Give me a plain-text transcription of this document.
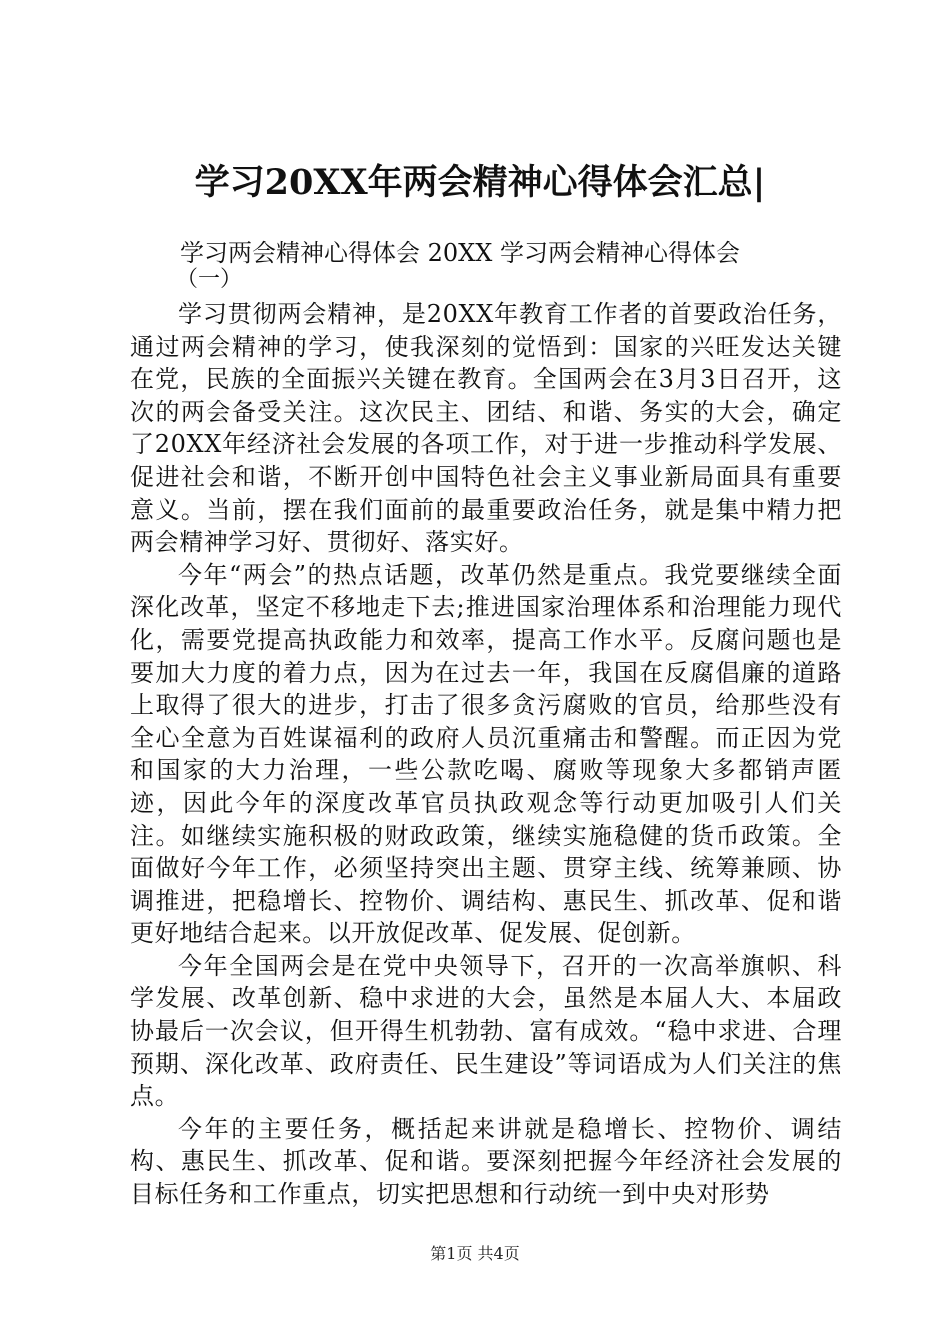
学习20XX年两会精神心得体会汇总|
学习两会精神心得体会 20XX 学习两会精神心得体会
（一）

学习贯彻两会精神，是20XX年教育工作者的首要政治任务，通过两会精神的学习，使我深刻的觉悟到：国家的兴旺发达关键在党，民族的全面振兴关键在教育。全国两会在3月3日召开，这次的两会备受关注。这次民主、团结、和谐、务实的大会，确定了20XX年经济社会发展的各项工作，对于进一步推动科学发展、促进社会和谐，不断开创中国特色社会主义事业新局面具有重要意义。当前，摆在我们面前的最重要政治任务，就是集中精力把两会精神学习好、贯彻好、落实好。

今年“两会”的热点话题，改革仍然是重点。我党要继续全面深化改革，坚定不移地走下去;推进国家治理体系和治理能力现代化，需要党提高执政能力和效率，提高工作水平。反腐问题也是要加大力度的着力点，因为在过去一年，我国在反腐倡廉的道路上取得了很大的进步，打击了很多贪污腐败的官员，给那些没有全心全意为百姓谋福利的政府人员沉重痛击和警醒。而正因为党和国家的大力治理，一些公款吃喝、腐败等现象大多都销声匿迹，因此今年的深度改革官员执政观念等行动更加吸引人们关注。如继续实施积极的财政政策，继续实施稳健的货币政策。全面做好今年工作，必须坚持突出主题、贯穿主线、统筹兼顾、协调推进，把稳增长、控物价、调结构、惠民生、抓改革、促和谐更好地结合起来。以开放促改革、促发展、促创新。

今年全国两会是在党中央领导下，召开的一次高举旗帜、科学发展、改革创新、稳中求进的大会，虽然是本届人大、本届政协最后一次会议，但开得生机勃勃、富有成效。“稳中求进、合理预期、深化改革、政府责任、民生建设”等词语成为人们关注的焦点。

今年的主要任务，概括起来讲就是稳增长、控物价、调结构、惠民生、抓改革、促和谐。要深刻把握今年经济社会发展的目标任务和工作重点，切实把思想和行动统一到中央对形势

第1页 共4页
